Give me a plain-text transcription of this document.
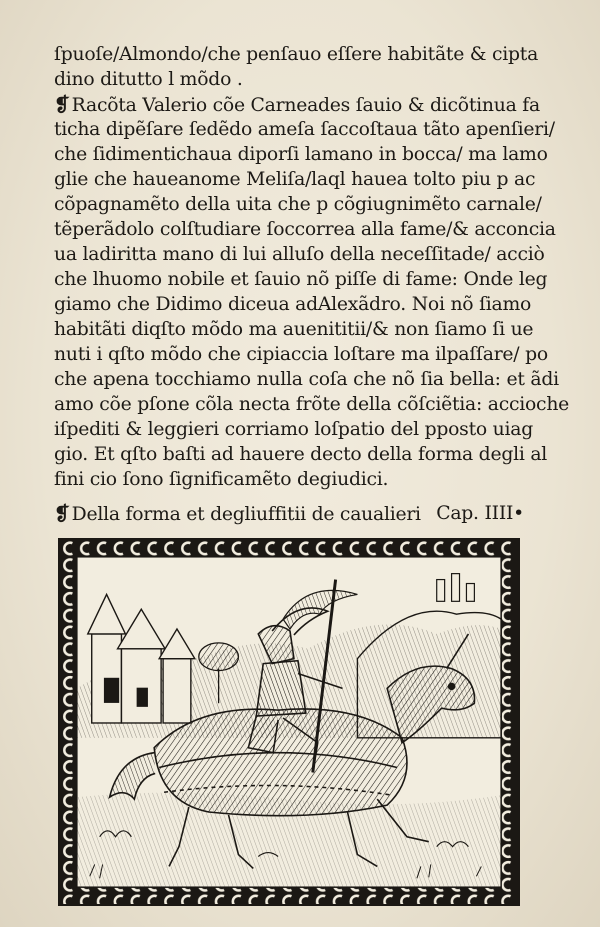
ſpuoſe/Almondo/che penſauo eſſere habitãte & cipta
dino ditutto l mõdo .
❡ Racõta Valerio cõe Carneades ſauio & dicõtinua fa
ticha dipẽſare ſedẽdo ameſa ſaccoſtaua tãto apenſieri/
che ſidimentichaua diporſi lamano in bocca/ ma lamo
glie che haueanome Meliſa/laql hauea tolto piu p ac
cõpagnamẽto della uita che p cõgiugnimẽto carnale/
tẽperãdolo colſtudiare ſoccorrea alla fame/& acconcia
ua ladiritta mano di lui alluſo della neceſſitade/ acciò
che lhuomo nobile et ſauio nõ piſſe di fame: Onde leg
giamo che Didimo diceua adAlexãdro. Noi nõ ſiamo
habitãti diqſto mõdo ma auenititii/& non ſiamo ſi ue
nuti i qſto mõdo che cipiaccia loſtare ma ilpaſſare/ po
che apena tocchiamo nulla coſa che nõ ſia bella: et ãdi
amo cõe pſone cõla necta frõte della cõſciẽtia: accioche
iſpediti & leggieri corriamo loſpatio del pposto uiag
gio. Et qſto baſti ad hauere decto della forma degli al
fini cio ſono ſignificamẽto degiudici.
❡ Della forma et degliuffitii de caualieri Cap. IIII•
